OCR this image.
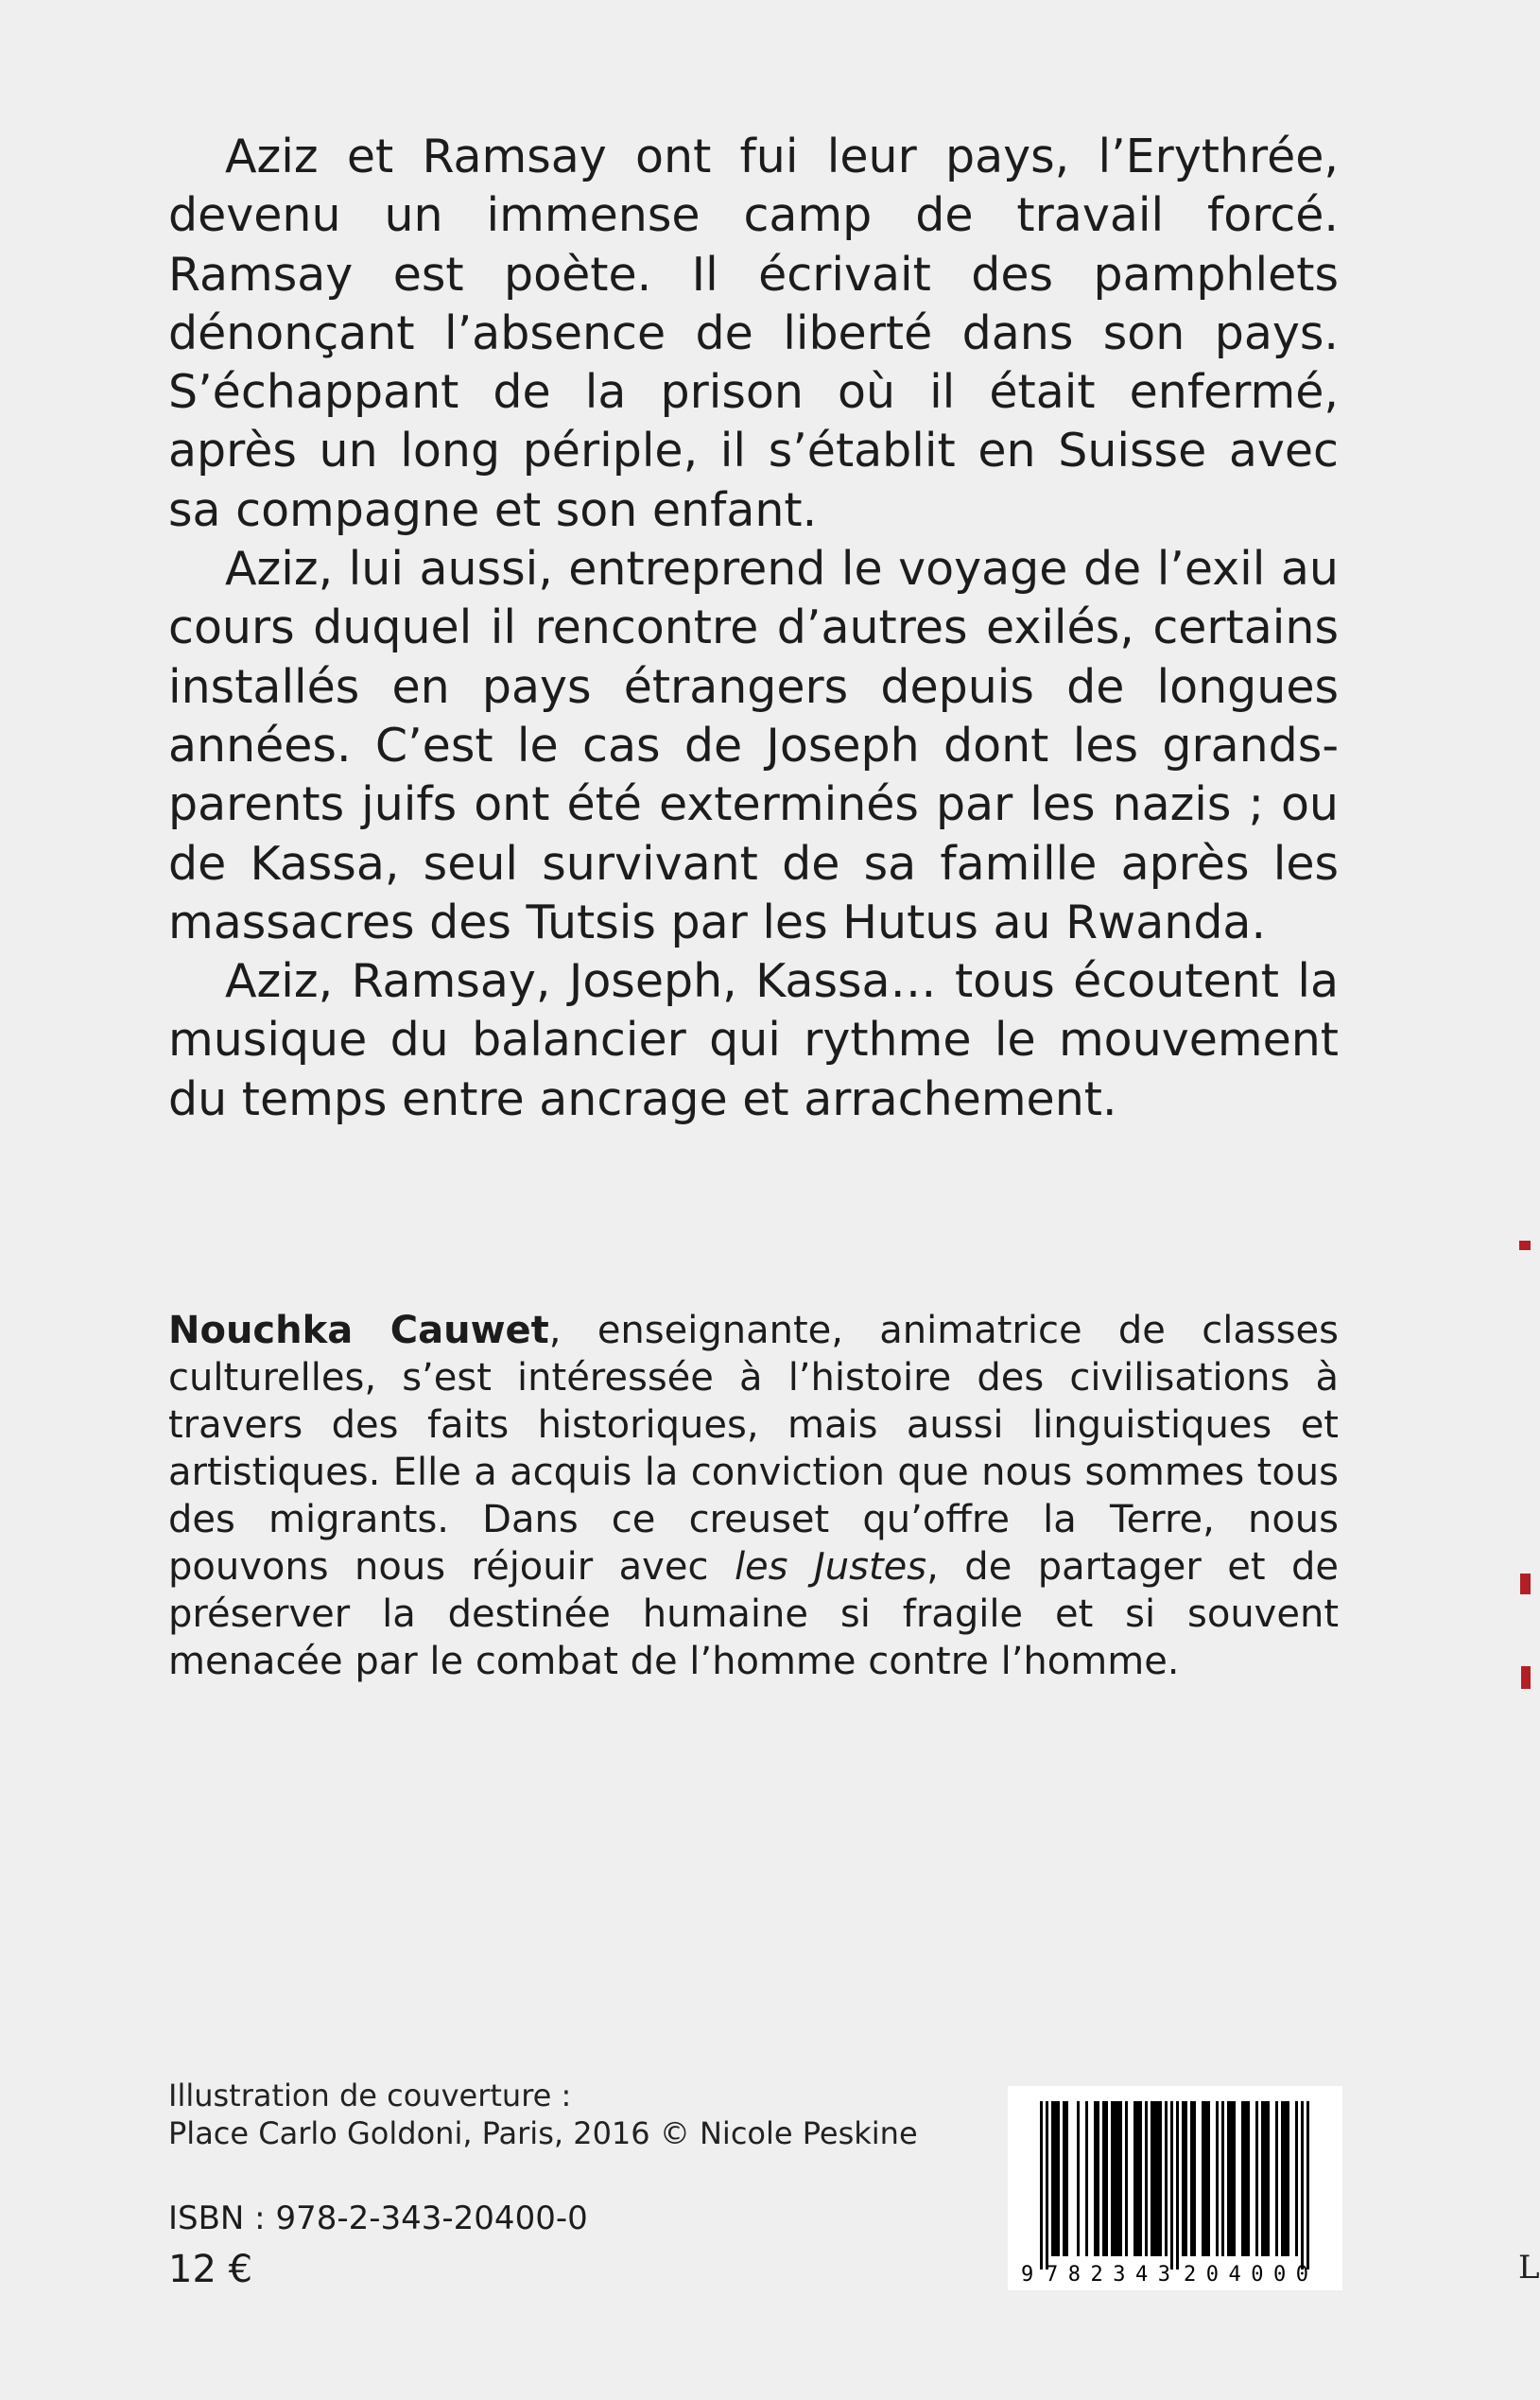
Aziz et Ramsay ont fui leur pays, l’Erythrée, devenu un immense camp de travail forcé. Ramsay est poète. Il écrivait des pamphlets dénonçant l’absence de liberté dans son pays. S’échappant de la prison où il était enfermé, après un long périple, il s’établit en Suisse avec sa compagne et son enfant.

Aziz, lui aussi, entreprend le voyage de l’exil au cours duquel il rencontre d’autres exilés, certains installés en pays étrangers depuis de longues années. C’est le cas de Joseph dont les grands-parents juifs ont été exterminés par les nazis ; ou de Kassa, seul survivant de sa famille après les massacres des Tutsis par les Hutus au Rwanda.

Aziz, Ramsay, Joseph, Kassa… tous écoutent la musique du balancier qui rythme le mouvement du temps entre ancrage et arrachement.

Nouchka Cauwet, enseignante, animatrice de classes culturelles, s’est intéressée à l’histoire des civilisations à travers des faits historiques, mais aussi linguistiques et artistiques. Elle a acquis la conviction que nous sommes tous des migrants. Dans ce creuset qu’offre la Terre, nous pouvons nous réjouir avec les Justes, de partager et de préserver la destinée humaine si fragile et si souvent menacée par le combat de l’homme contre l’homme.

Illustration de couverture :
Place Carlo Goldoni, Paris, 2016 © Nicole Peskine
ISBN : 978-2-343-20400-0
12 €	9 782343 204000	L
